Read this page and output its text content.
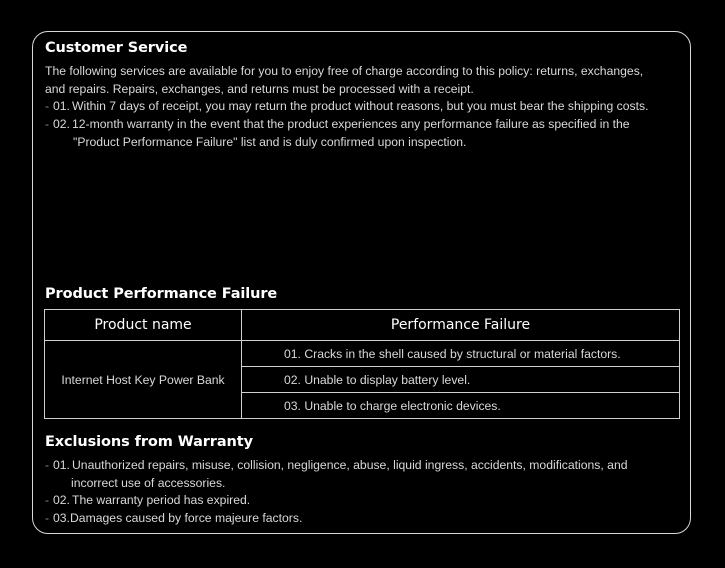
Customer Service
The following services are available for you to enjoy free of charge according to this policy: returns, exchanges,
and repairs. Repairs, exchanges, and returns must be processed with a receipt.
- 01. Within 7 days of receipt, you may return the product without reasons, but you must bear the shipping costs.
- 02. 12-month warranty in the event that the product experiences any performance failure as specified in the
"Product Performance Failure" list and is duly confirmed upon inspection.
Product Performance Failure
Product name	Performance Failure
Internet Host Key Power Bank	01. Cracks in the shell caused by structural or material factors.
	02. Unable to display battery level.
	03. Unable to charge electronic devices.
Exclusions from Warranty
- 01. Unauthorized repairs, misuse, collision, negligence, abuse, liquid ingress, accidents, modifications, and
incorrect use of accessories.
- 02. The warranty period has expired.
- 03. Damages caused by force majeure factors.
